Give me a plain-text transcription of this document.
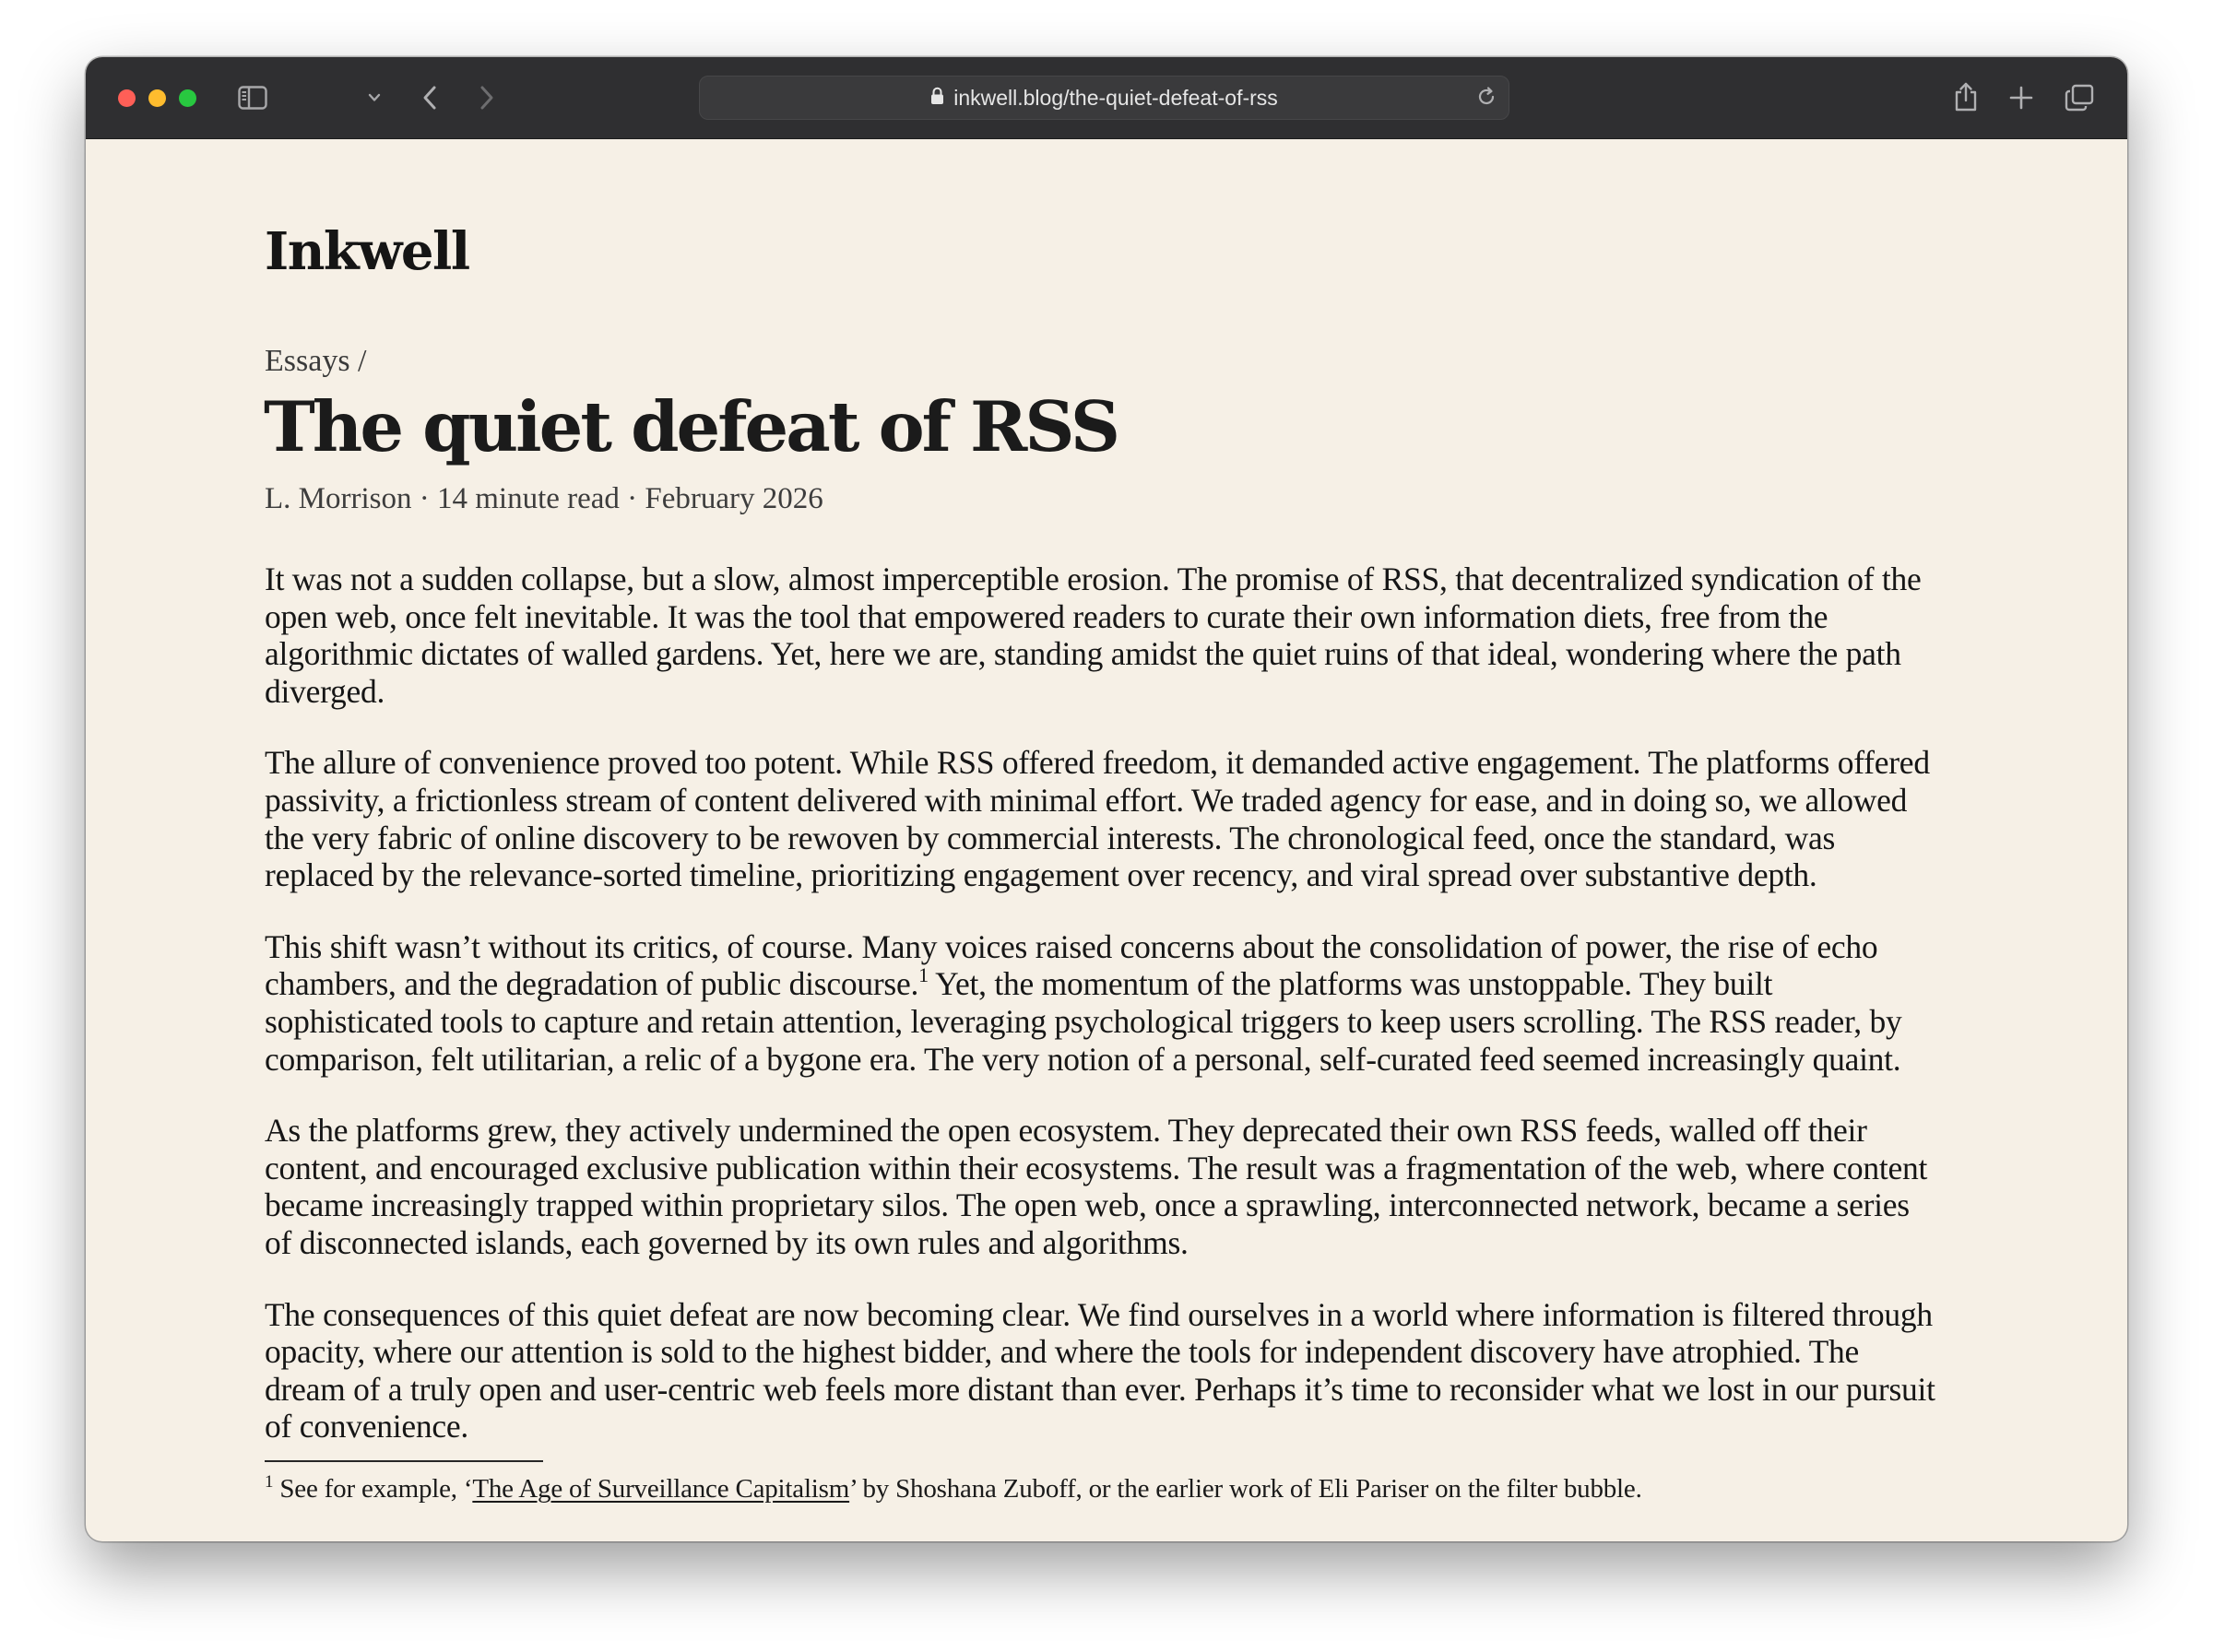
inkwell.blog/the-quiet-defeat-of-rss
Inkwell
Essays /
The quiet defeat of RSS
L. Morrison · 14 minute read · February 2026

It was not a sudden collapse, but a slow, almost imperceptible erosion. The promise of RSS, that decentralized syndication of the open web, once felt inevitable. It was the tool that empowered readers to curate their own information diets, free from the algorithmic dictates of walled gardens. Yet, here we are, standing amidst the quiet ruins of that ideal, wondering where the path diverged.

The allure of convenience proved too potent. While RSS offered freedom, it demanded active engagement. The platforms offered passivity, a frictionless stream of content delivered with minimal effort. We traded agency for ease, and in doing so, we allowed the very fabric of online discovery to be rewoven by commercial interests. The chronological feed, once the standard, was replaced by the relevance-sorted timeline, prioritizing engagement over recency, and viral spread over substantive depth.

This shift wasn’t without its critics, of course. Many voices raised concerns about the consolidation of power, the rise of echo chambers, and the degradation of public discourse.$^1$ Yet, the momentum of the platforms was unstoppable. They built sophisticated tools to capture and retain attention, leveraging psychological triggers to keep users scrolling. The RSS reader, by comparison, felt utilitarian, a relic of a bygone era. The very notion of a personal, self-curated feed seemed increasingly quaint.

As the platforms grew, they actively undermined the open ecosystem. They deprecated their own RSS feeds, walled off their content, and encouraged exclusive publication within their ecosystems. The result was a fragmentation of the web, where content became increasingly trapped within proprietary silos. The open web, once a sprawling, interconnected network, became a series of disconnected islands, each governed by its own rules and algorithms.

The consequences of this quiet defeat are now becoming clear. We find ourselves in a world where information is filtered through opacity, where our attention is sold to the highest bidder, and where the tools for independent discovery have atrophied. The dream of a truly open and user-centric web feels more distant than ever. Perhaps it’s time to reconsider what we lost in our pursuit of convenience.

$^1$ See for example, ‘The Age of Surveillance Capitalism’ by Shoshana Zuboff, or the earlier work of Eli Pariser on the filter bubble.
